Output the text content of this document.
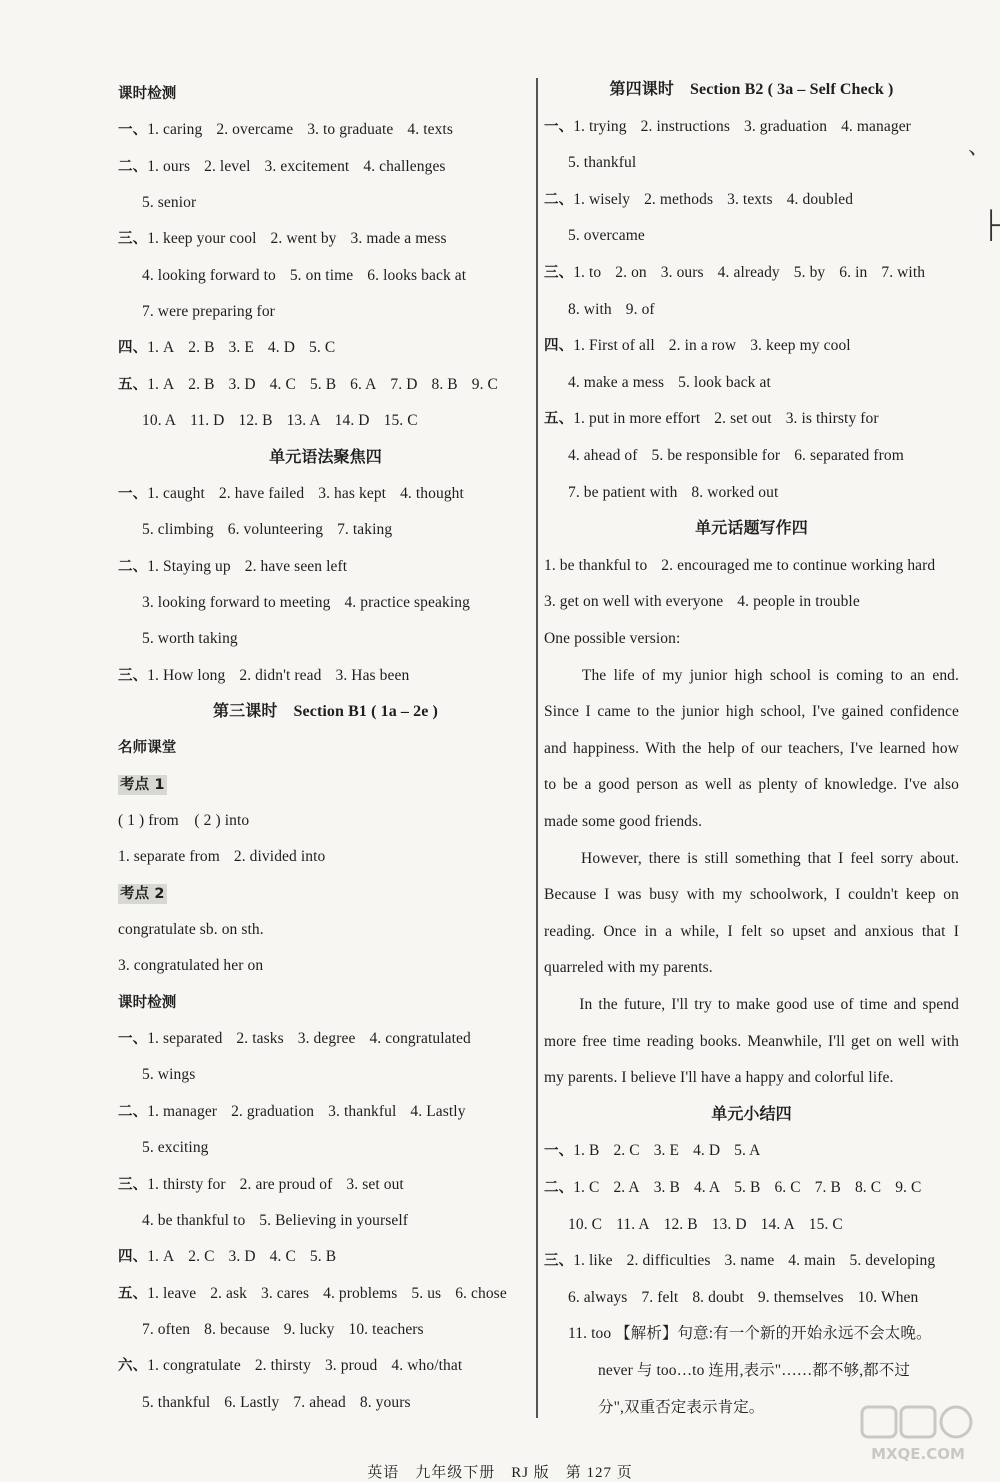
课时检测
一、1. caring 2. overcame 3. to graduate 4. texts
二、1. ours 2. level 3. excitement 4. challenges
5. senior
三、1. keep your cool 2. went by 3. made a mess
4. looking forward to 5. on time 6. looks back at
7. were preparing for
四、1. A 2. B 3. E 4. D 5. C
五、1. A 2. B 3. D 4. C 5. B 6. A 7. D 8. B 9. C
10. A 11. D 12. B 13. A 14. D 15. C
单元语法聚焦四
一、1. caught 2. have failed 3. has kept 4. thought
5. climbing 6. volunteering 7. taking
二、1. Staying up 2. have seen left
3. looking forward to meeting 4. practice speaking
5. worth taking
三、1. How long 2. didn't read 3. Has been
第三课时　Section B1 ( 1a – 2e )
名师课堂
考点 1
( 1 ) from　( 2 ) into
1. separate from 2. divided into
考点 2
congratulate sb. on sth.
3. congratulated her on
课时检测
一、1. separated 2. tasks 3. degree 4. congratulated
5. wings
二、1. manager 2. graduation 3. thankful 4. Lastly
5. exciting
三、1. thirsty for 2. are proud of 3. set out
4. be thankful to 5. Believing in yourself
四、1. A 2. C 3. D 4. C 5. B
五、1. leave 2. ask 3. cares 4. problems 5. us 6. chose
7. often 8. because 9. lucky 10. teachers
六、1. congratulate 2. thirsty 3. proud 4. who/that
5. thankful 6. Lastly 7. ahead 8. yours
第四课时　Section B2 ( 3a – Self Check )
一、1. trying 2. instructions 3. graduation 4. manager
5. thankful
二、1. wisely 2. methods 3. texts 4. doubled
5. overcame
三、1. to 2. on 3. ours 4. already 5. by 6. in 7. with
8. with 9. of
四、1. First of all 2. in a row 3. keep my cool
4. make a mess 5. look back at
五、1. put in more effort 2. set out 3. is thirsty for
4. ahead of 5. be responsible for 6. separated from
7. be patient with 8. worked out
单元话题写作四
1. be thankful to 2. encouraged me to continue working hard
3. get on well with everyone 4. people in trouble
One possible version:
　　The life of my junior high school is coming to an end.
Since I came to the junior high school, I've gained confidence
and happiness. With the help of our teachers, I've learned how
to be a good person as well as plenty of knowledge. I've also
made some good friends.
　　However, there is still something that I feel sorry about.
Because I was busy with my schoolwork, I couldn't keep on
reading. Once in a while, I felt so upset and anxious that I
quarreled with my parents.
　　In the future, I'll try to make good use of time and spend
more free time reading books. Meanwhile, I'll get on well with
my parents. I believe I'll have a happy and colorful life.
单元小结四
一、1. B 2. C 3. E 4. D 5. A
二、1. C 2. A 3. B 4. A 5. B 6. C 7. B 8. C 9. C
10. C 11. A 12. B 13. D 14. A 15. C
三、1. like 2. difficulties 3. name 4. main 5. developing
6. always 7. felt 8. doubt 9. themselves 10. When
11. too 【解析】句意:有一个新的开始永远不会太晚。
never 与 too…to 连用,表示"……都不够,都不过
分",双重否定表示肯定。
、
├
英语　九年级下册　RJ 版　第 127 页
MXQE.COM
